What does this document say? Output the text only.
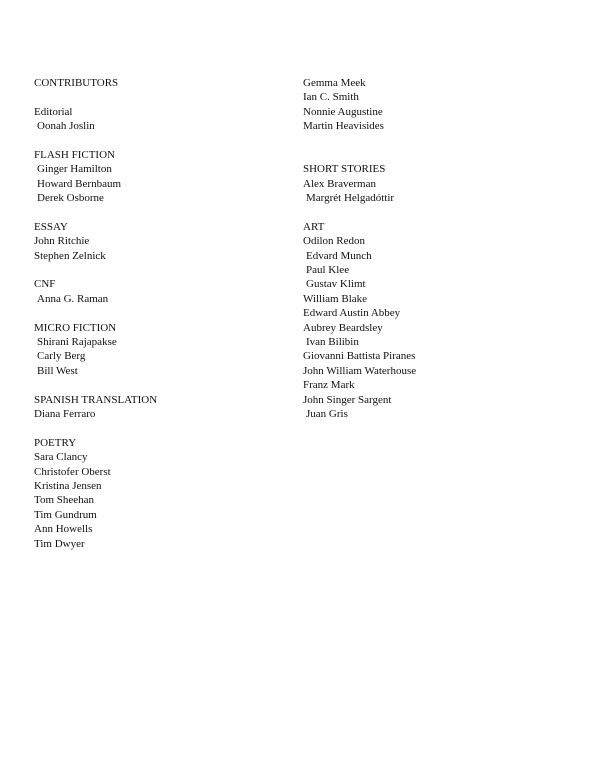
CONTRIBUTORS
Editorial
Oonah Joslin
FLASH FICTION
Ginger Hamilton
Howard Bernbaum
Derek Osborne
ESSAY
John Ritchie
Stephen Zelnick
CNF
Anna G. Raman
MICRO FICTION
Shirani Rajapakse
Carly Berg
Bill West
SPANISH TRANSLATION
Diana Ferraro
POETRY
Sara Clancy
Christofer Oberst
Kristina Jensen
Tom Sheehan
Tim Gundrum
Ann Howells
Tim Dwyer
Gemma Meek
Ian C. Smith
Nonnie Augustine
Martin Heavisides
SHORT STORIES
Alex Braverman
Margrét Helgadóttir
ART
Odilon Redon
Edvard Munch
Paul Klee
Gustav Klimt
William Blake
Edward Austin Abbey
Aubrey Beardsley
Ivan Bilibin
Giovanni Battista Piranes
John William Waterhouse
Franz Mark
John Singer Sargent
Juan Gris
